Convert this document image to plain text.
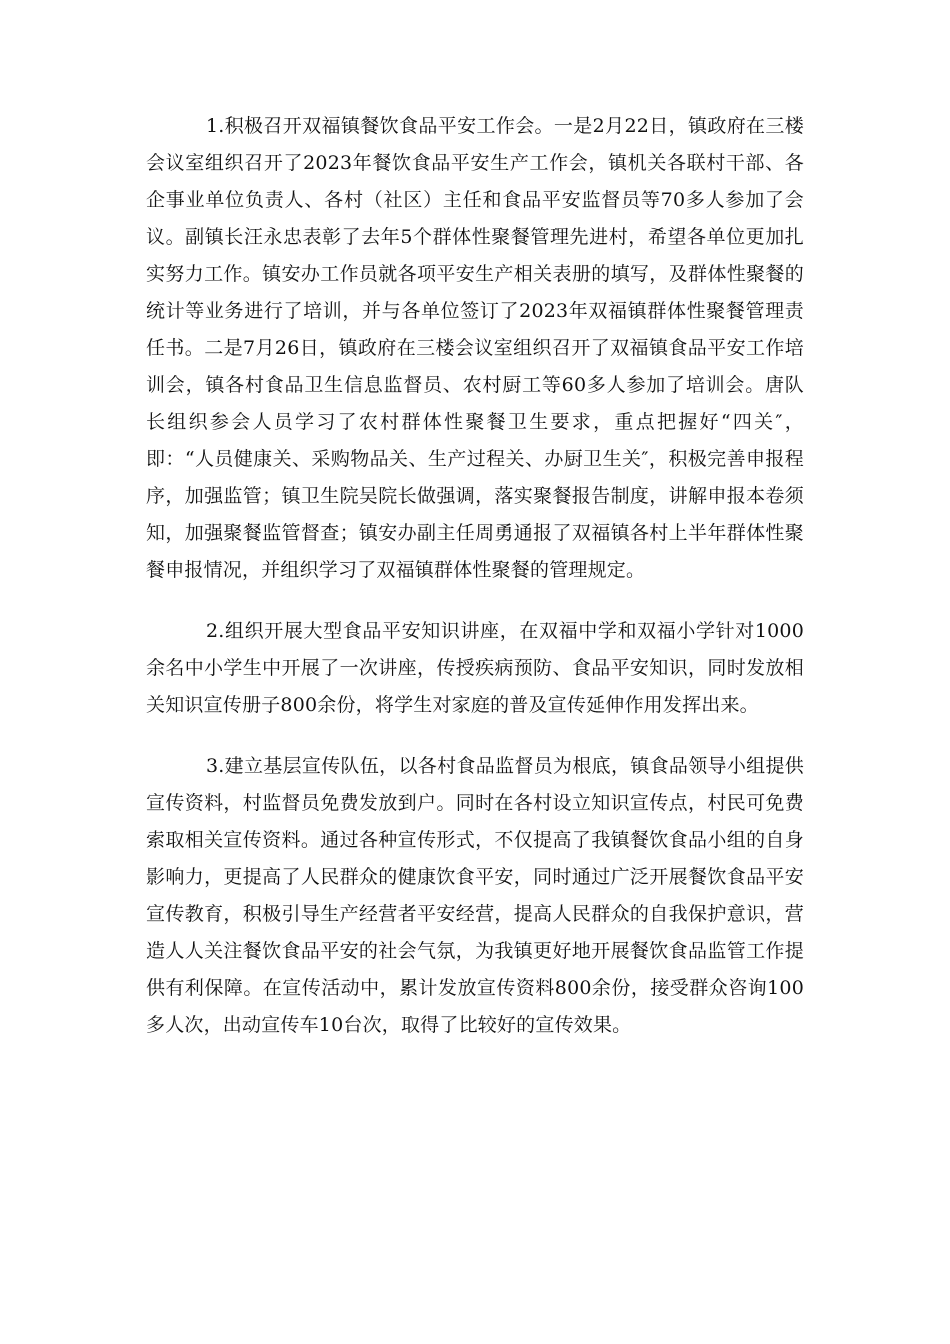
1.积极召开双福镇餐饮食品平安工作会。一是2月22日，镇政府在三楼会议室组织召开了2023年餐饮食品平安生产工作会，镇机关各联村干部、各企事业单位负责人、各村（社区）主任和食品平安监督员等70多人参加了会议。副镇长汪永忠表彰了去年5个群体性聚餐管理先进村，希望各单位更加扎实努力工作。镇安办工作员就各项平安生产相关表册的填写，及群体性聚餐的统计等业务进行了培训，并与各单位签订了2023年双福镇群体性聚餐管理责任书。二是7月26日，镇政府在三楼会议室组织召开了双福镇食品平安工作培训会，镇各村食品卫生信息监督员、农村厨工等60多人参加了培训会。唐队长组织参会人员学习了农村群体性聚餐卫生要求，重点把握好“四关″，即：“人员健康关、采购物品关、生产过程关、办厨卫生关″，积极完善申报程序，加强监管；镇卫生院吴院长做强调，落实聚餐报告制度，讲解申报本卷须知，加强聚餐监管督查；镇安办副主任周勇通报了双福镇各村上半年群体性聚餐申报情况，并组织学习了双福镇群体性聚餐的管理规定。

2.组织开展大型食品平安知识讲座，在双福中学和双福小学针对1000余名中小学生中开展了一次讲座，传授疾病预防、食品平安知识，同时发放相关知识宣传册子800余份，将学生对家庭的普及宣传延伸作用发挥出来。

3.建立基层宣传队伍，以各村食品监督员为根底，镇食品领导小组提供宣传资料，村监督员免费发放到户。同时在各村设立知识宣传点，村民可免费索取相关宣传资料。通过各种宣传形式，不仅提高了我镇餐饮食品小组的自身影响力，更提高了人民群众的健康饮食平安，同时通过广泛开展餐饮食品平安宣传教育，积极引导生产经营者平安经营，提高人民群众的自我保护意识，营造人人关注餐饮食品平安的社会气氛，为我镇更好地开展餐饮食品监管工作提供有利保障。在宣传活动中，累计发放宣传资料800余份，接受群众咨询100多人次，出动宣传车10台次，取得了比较好的宣传效果。
